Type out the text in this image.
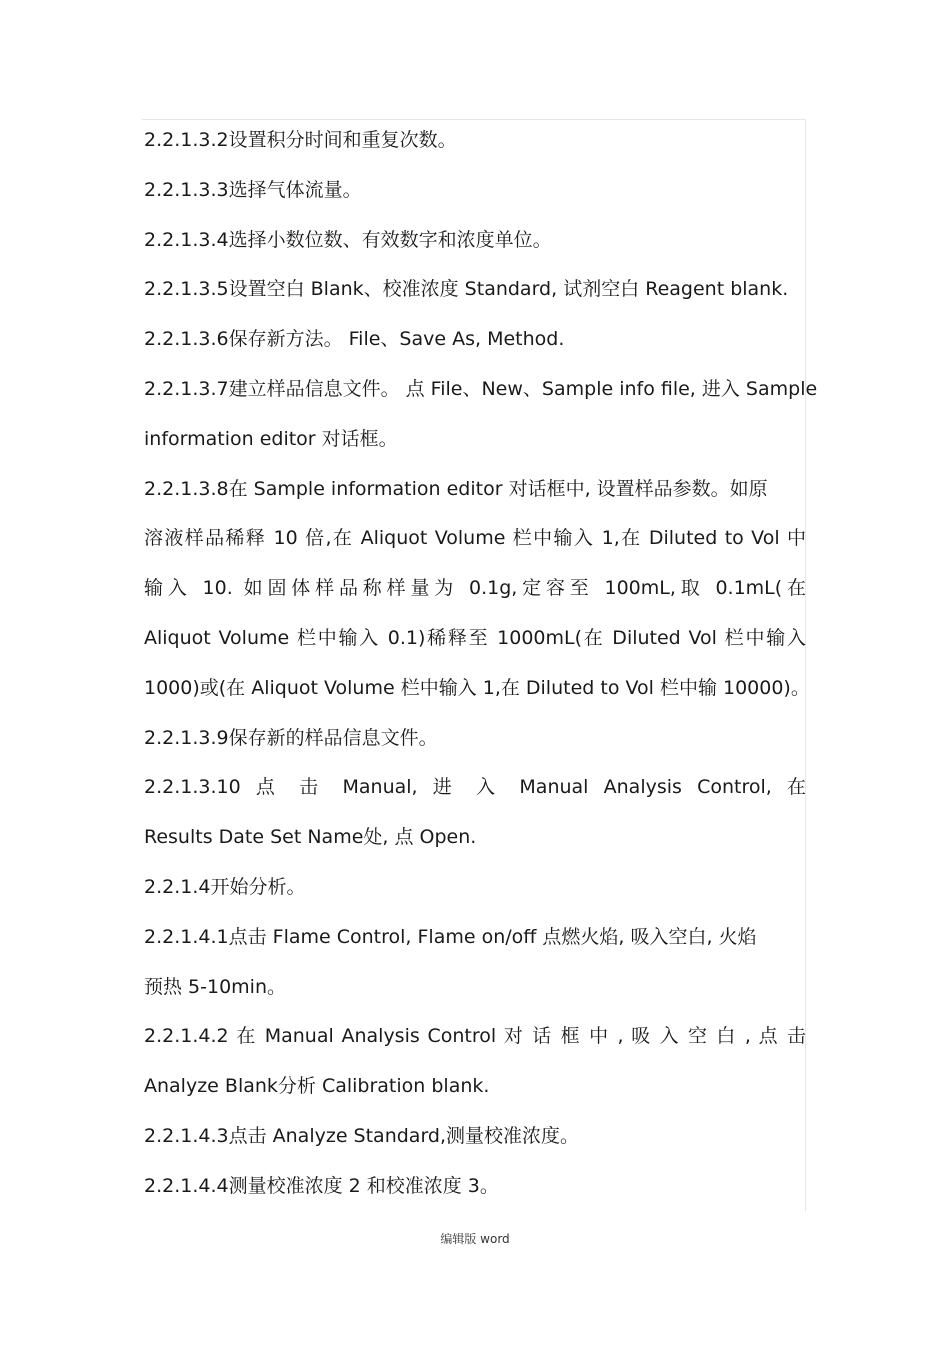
2.2.1.3.2设置积分时间和重复次数。
2.2.1.3.3选择气体流量。
2.2.1.3.4选择小数位数、有效数字和浓度单位。
2.2.1.3.5设置空白 Blank、校准浓度 Standard, 试剂空白 Reagent blank.
2.2.1.3.6保存新方法。 File、Save As, Method.
2.2.1.3.7建立样品信息文件。 点 File、New、Sample info file, 进入 Sample
information editor 对话框。
2.2.1.3.8在 Sample information editor 对话框中, 设置样品参数。如原
溶液样品稀释 10 倍,在 Aliquot Volume 栏中输入 1,在 Diluted to Vol 中
输入 10. 如固体样品称样量为 0.1g,定容至 100mL,取 0.1mL(在
Aliquot Volume 栏中输入 0.1)稀释至 1000mL(在 Diluted Vol 栏中输入
1000)或(在 Aliquot Volume 栏中输入 1,在 Diluted to Vol 栏中输 10000)。
2.2.1.3.9保存新的样品信息文件。
2.2.1.3.10 点 击 Manual, 进 入 Manual Analysis Control, 在
Results Date Set Name处, 点 Open.
2.2.1.4开始分析。
2.2.1.4.1点击 Flame Control, Flame on/off 点燃火焰, 吸入空白, 火焰
预热 5-10min。
2.2.1.4.2 在 Manual Analysis Control 对 话 框 中 , 吸 入 空 白 , 点 击
Analyze Blank分析 Calibration blank.
2.2.1.4.3点击 Analyze Standard,测量校准浓度。
2.2.1.4.4测量校准浓度 2 和校准浓度 3。
编辑版 word
